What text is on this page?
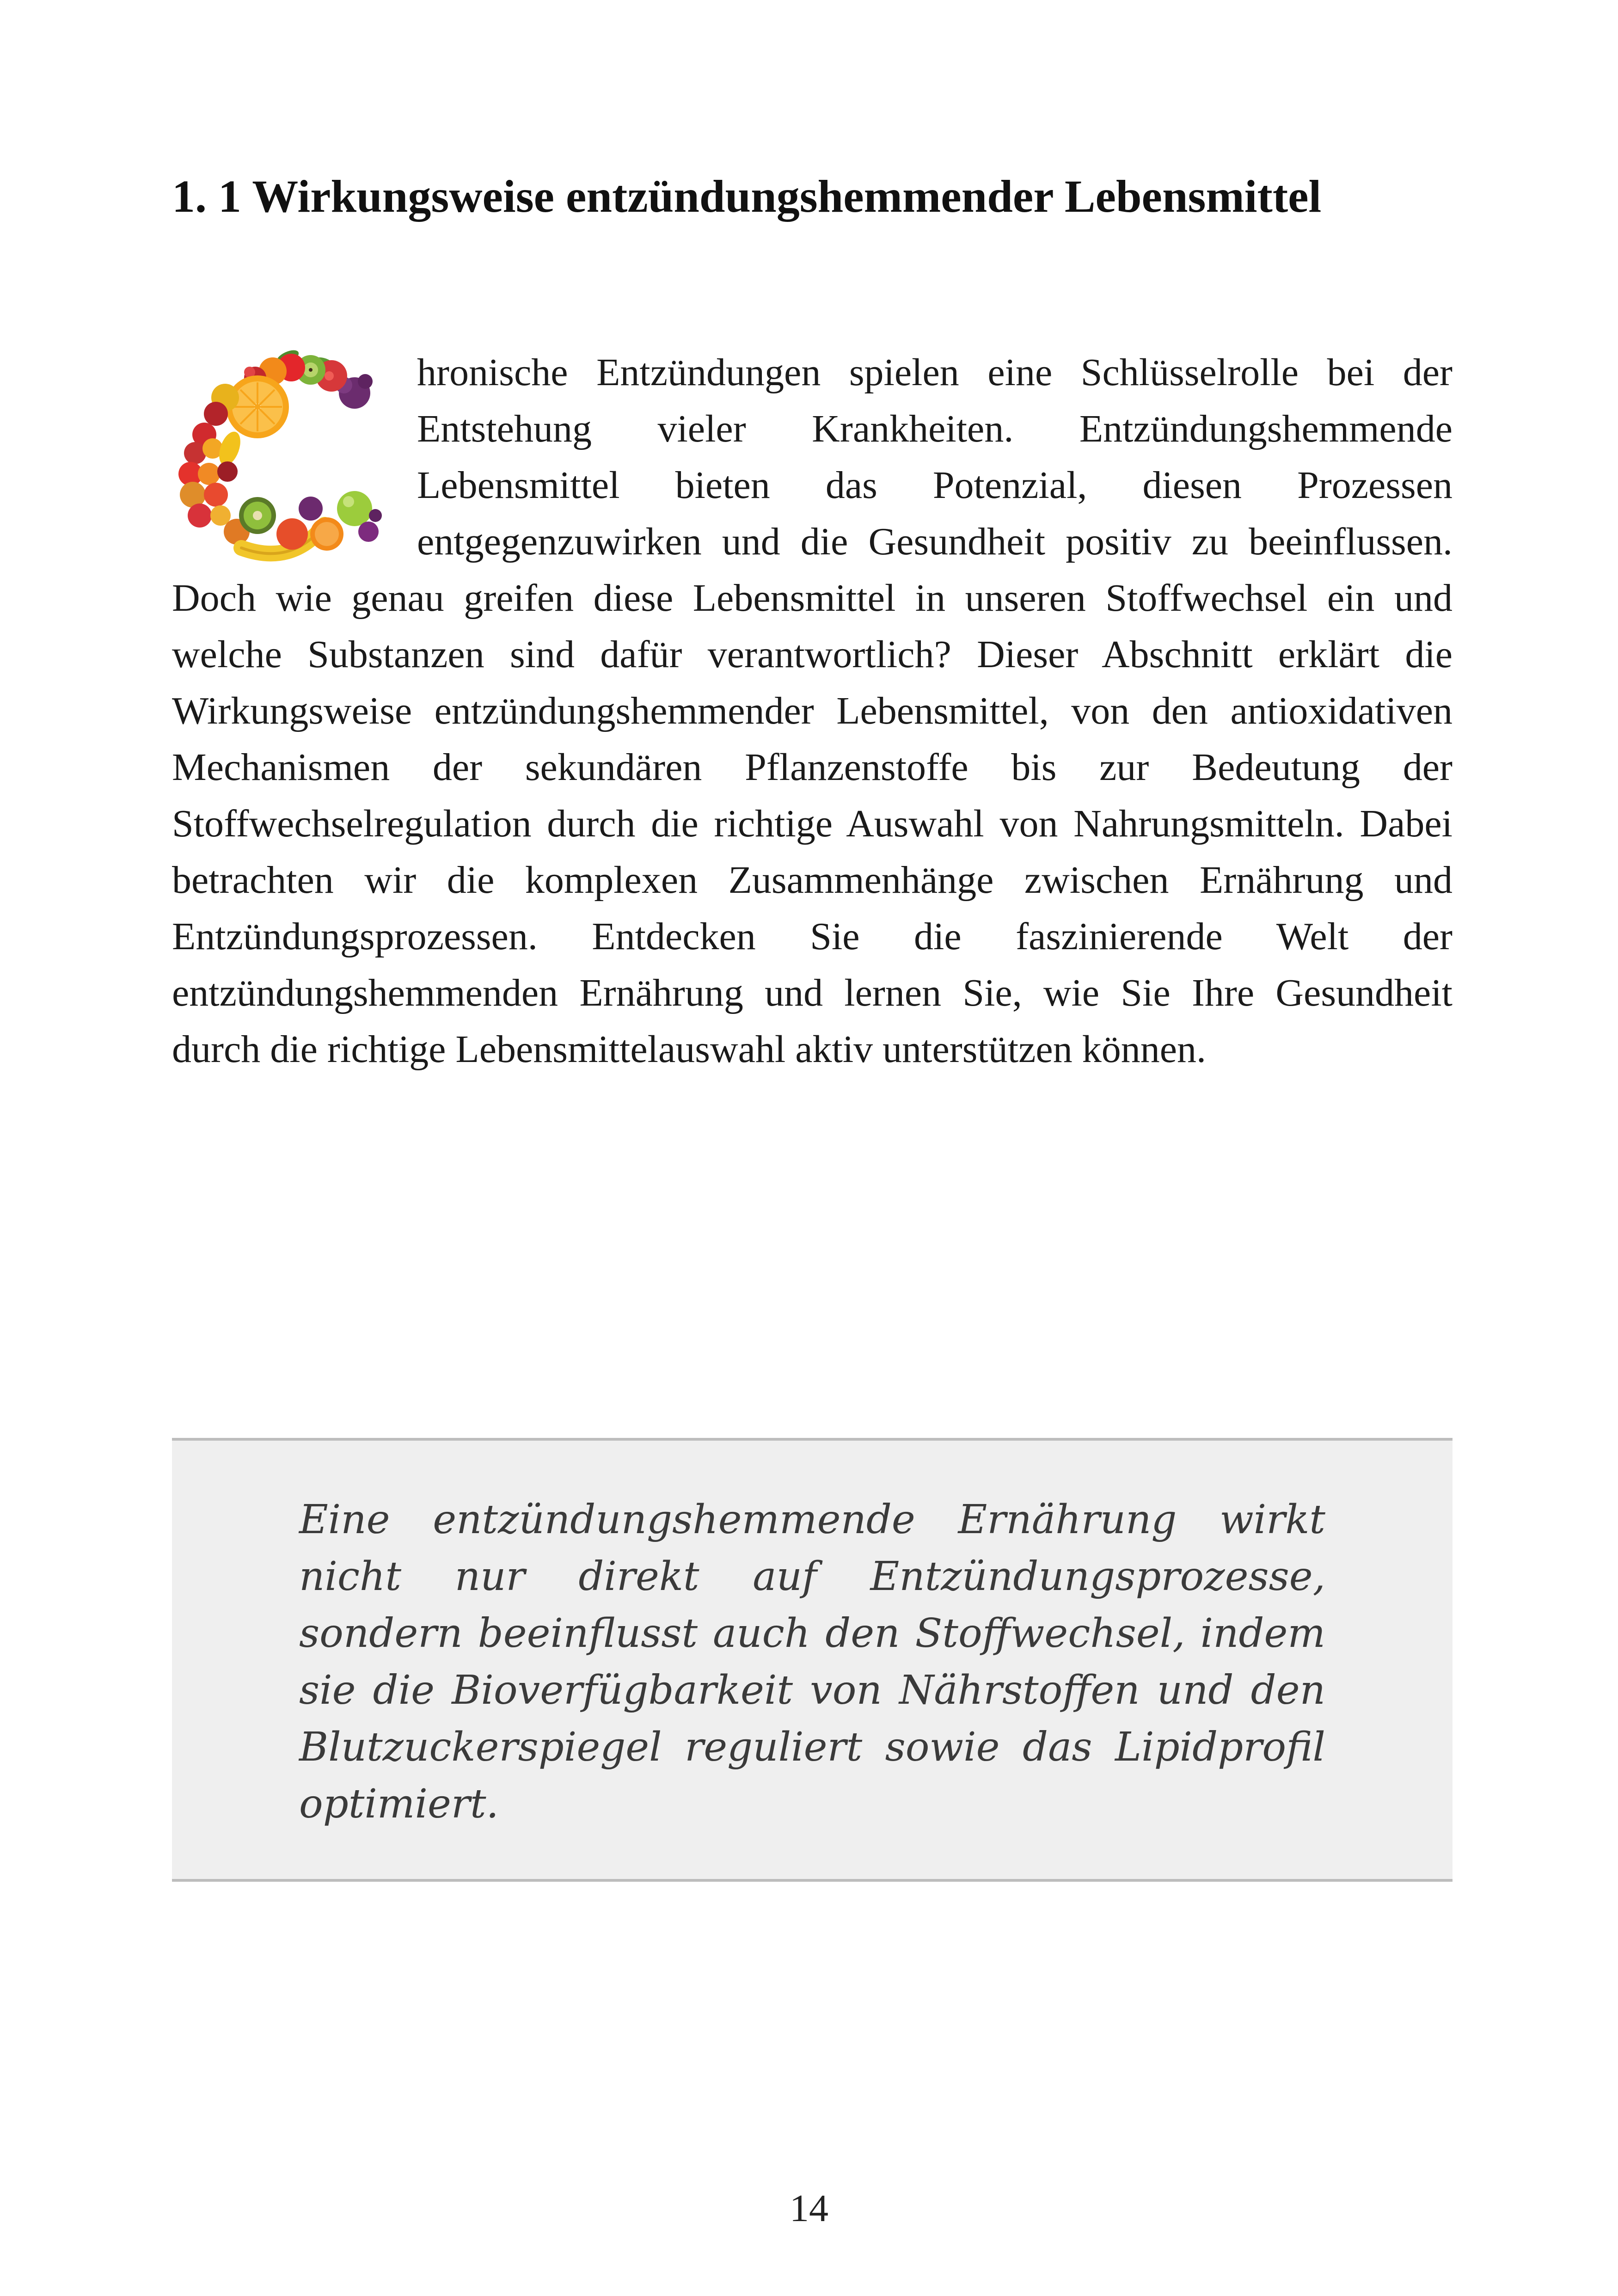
1. 1 Wirkungsweise entzündungshemmender Lebensmittel

hronische Entzündungen spielen eine Schlüsselrolle bei der Entstehung vieler Krankheiten. Entzündungshemmende Lebensmittel bieten das Potenzial, diesen Prozessen entgegenzuwirken und die Gesundheit positiv zu beeinflussen. Doch wie genau greifen diese Lebensmittel in unseren Stoffwechsel ein und welche Substanzen sind dafür verantwortlich? Dieser Abschnitt erklärt die Wirkungsweise entzündungshemmender Lebensmittel, von den antioxidativen Mechanismen der sekundären Pflanzenstoffe bis zur Bedeutung der Stoffwechselregulation durch die richtige Auswahl von Nahrungsmitteln. Dabei betrachten wir die komplexen Zusammenhänge zwischen Ernährung und Entzündungsprozessen. Entdecken Sie die faszinierende Welt der entzündungshemmenden Ernährung und lernen Sie, wie Sie Ihre Gesundheit durch die richtige Lebensmittelauswahl aktiv unterstützen können.

Eine entzündungshemmende Ernährung wirkt nicht nur direkt auf Entzündungsprozesse, sondern beeinflusst auch den Stoffwechsel, indem sie die Bioverfügbarkeit von Nährstoffen und den Blutzuckerspiegel reguliert sowie das Lipidprofil optimiert.

14
